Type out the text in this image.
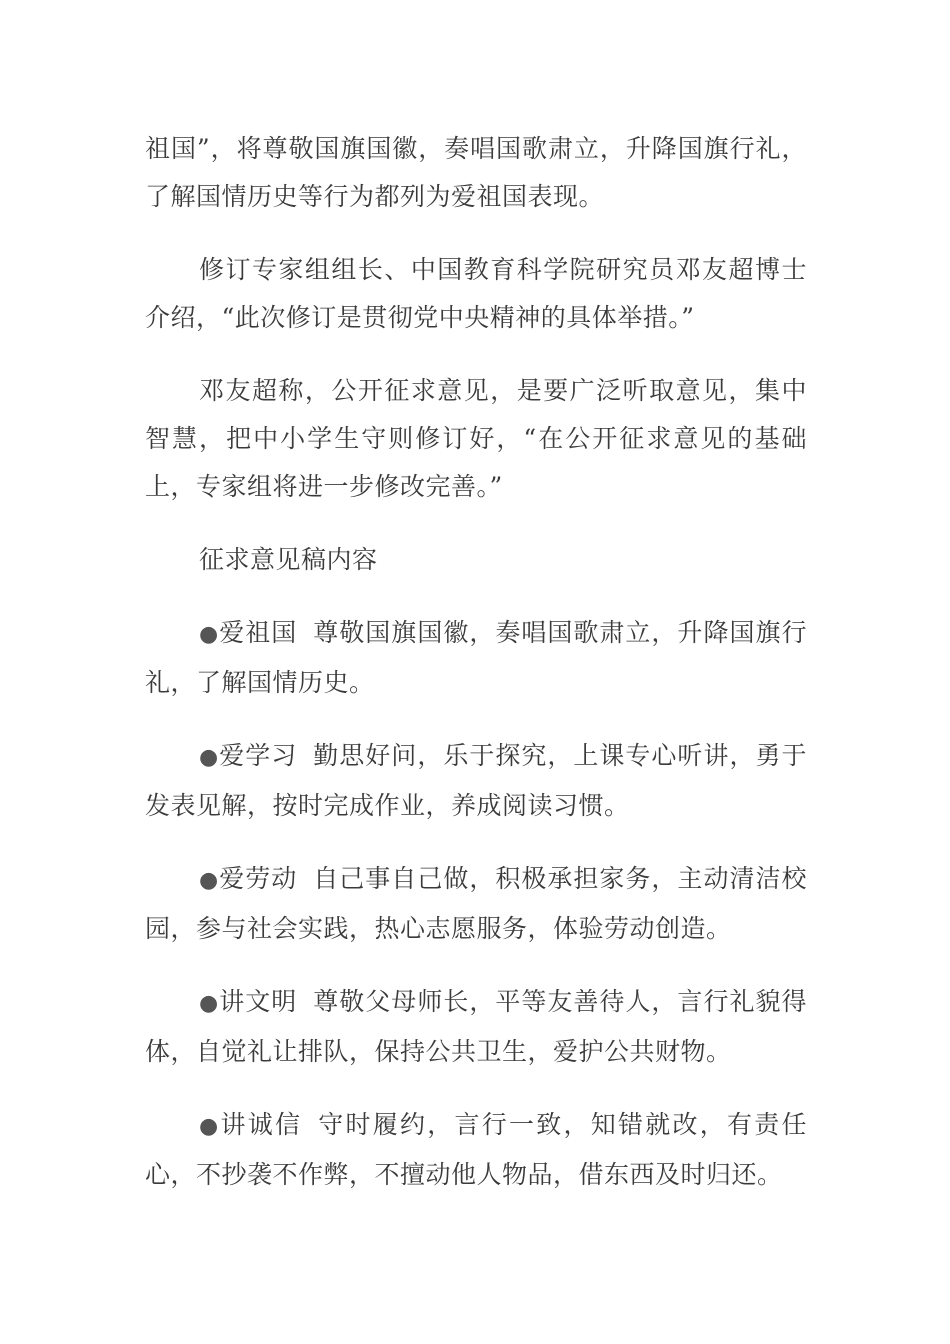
祖国”，将尊敬国旗国徽，奏唱国歌肃立，升降国旗行礼，了解国情历史等行为都列为爱祖国表现。

修订专家组组长、中国教育科学院研究员邓友超博士介绍，“此次修订是贯彻党中央精神的具体举措。”

邓友超称，公开征求意见，是要广泛听取意见，集中智慧，把中小学生守则修订好，“在公开征求意见的基础上，专家组将进一步修改完善。”

征求意见稿内容

●爱祖国 尊敬国旗国徽，奏唱国歌肃立，升降国旗行礼，了解国情历史。

●爱学习 勤思好问，乐于探究，上课专心听讲，勇于发表见解，按时完成作业，养成阅读习惯。

●爱劳动 自己事自己做，积极承担家务，主动清洁校园，参与社会实践，热心志愿服务，体验劳动创造。

●讲文明 尊敬父母师长，平等友善待人，言行礼貌得体，自觉礼让排队，保持公共卫生，爱护公共财物。

●讲诚信 守时履约，言行一致，知错就改，有责任心，不抄袭不作弊，不擅动他人物品，借东西及时归还。
